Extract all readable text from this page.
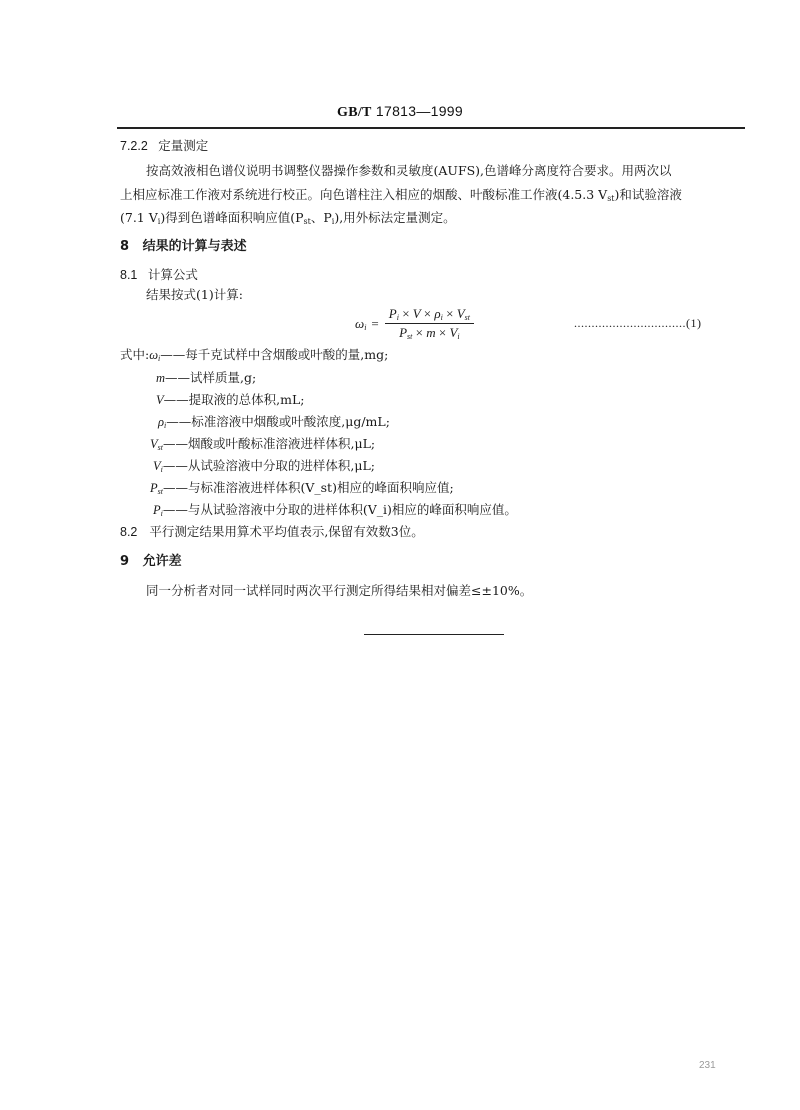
GB/T 17813—1999
7.2.2 定量测定
按高效液相色谱仪说明书调整仪器操作参数和灵敏度(AUFS),色谱峰分离度符合要求。用两次以
上相应标准工作液对系统进行校正。向色谱柱注入相应的烟酸、叶酸标准工作液(4.5.3 $V_{st}$)和试验溶液
(7.1 $V_i$)得到色谱峰面积响应值($P_{st}$、$P_i$),用外标法定量测定。
8 结果的计算与表述
8.1 计算公式
结果按式(1)计算:
$\omega_i = \frac{P_i \times V \times \rho_i \times V_{st}}{P_{st} \times m \times V_i}$	................................(1)
式中$:\omega_i——$每千克试样中含烟酸或叶酸的量,mg;
m——试样质量,g;
V——提取液的总体积,mL;
$\rho_i——$标准溶液中烟酸或叶酸浓度,μg/mL;
$V_{st}——$烟酸或叶酸标准溶液进样体积,μL;
$V_i——$从试验溶液中分取的进样体积,μL;
$P_{st}——$与标准溶液进样体积(V_st)相应的峰面积响应值;
$P_i——$与从试验溶液中分取的进样体积(V_i)相应的峰面积响应值。
8.2 平行测定结果用算术平均值表示,保留有效数3位。
9 允许差
同一分析者对同一试样同时两次平行测定所得结果相对偏差≤±10%。
231
